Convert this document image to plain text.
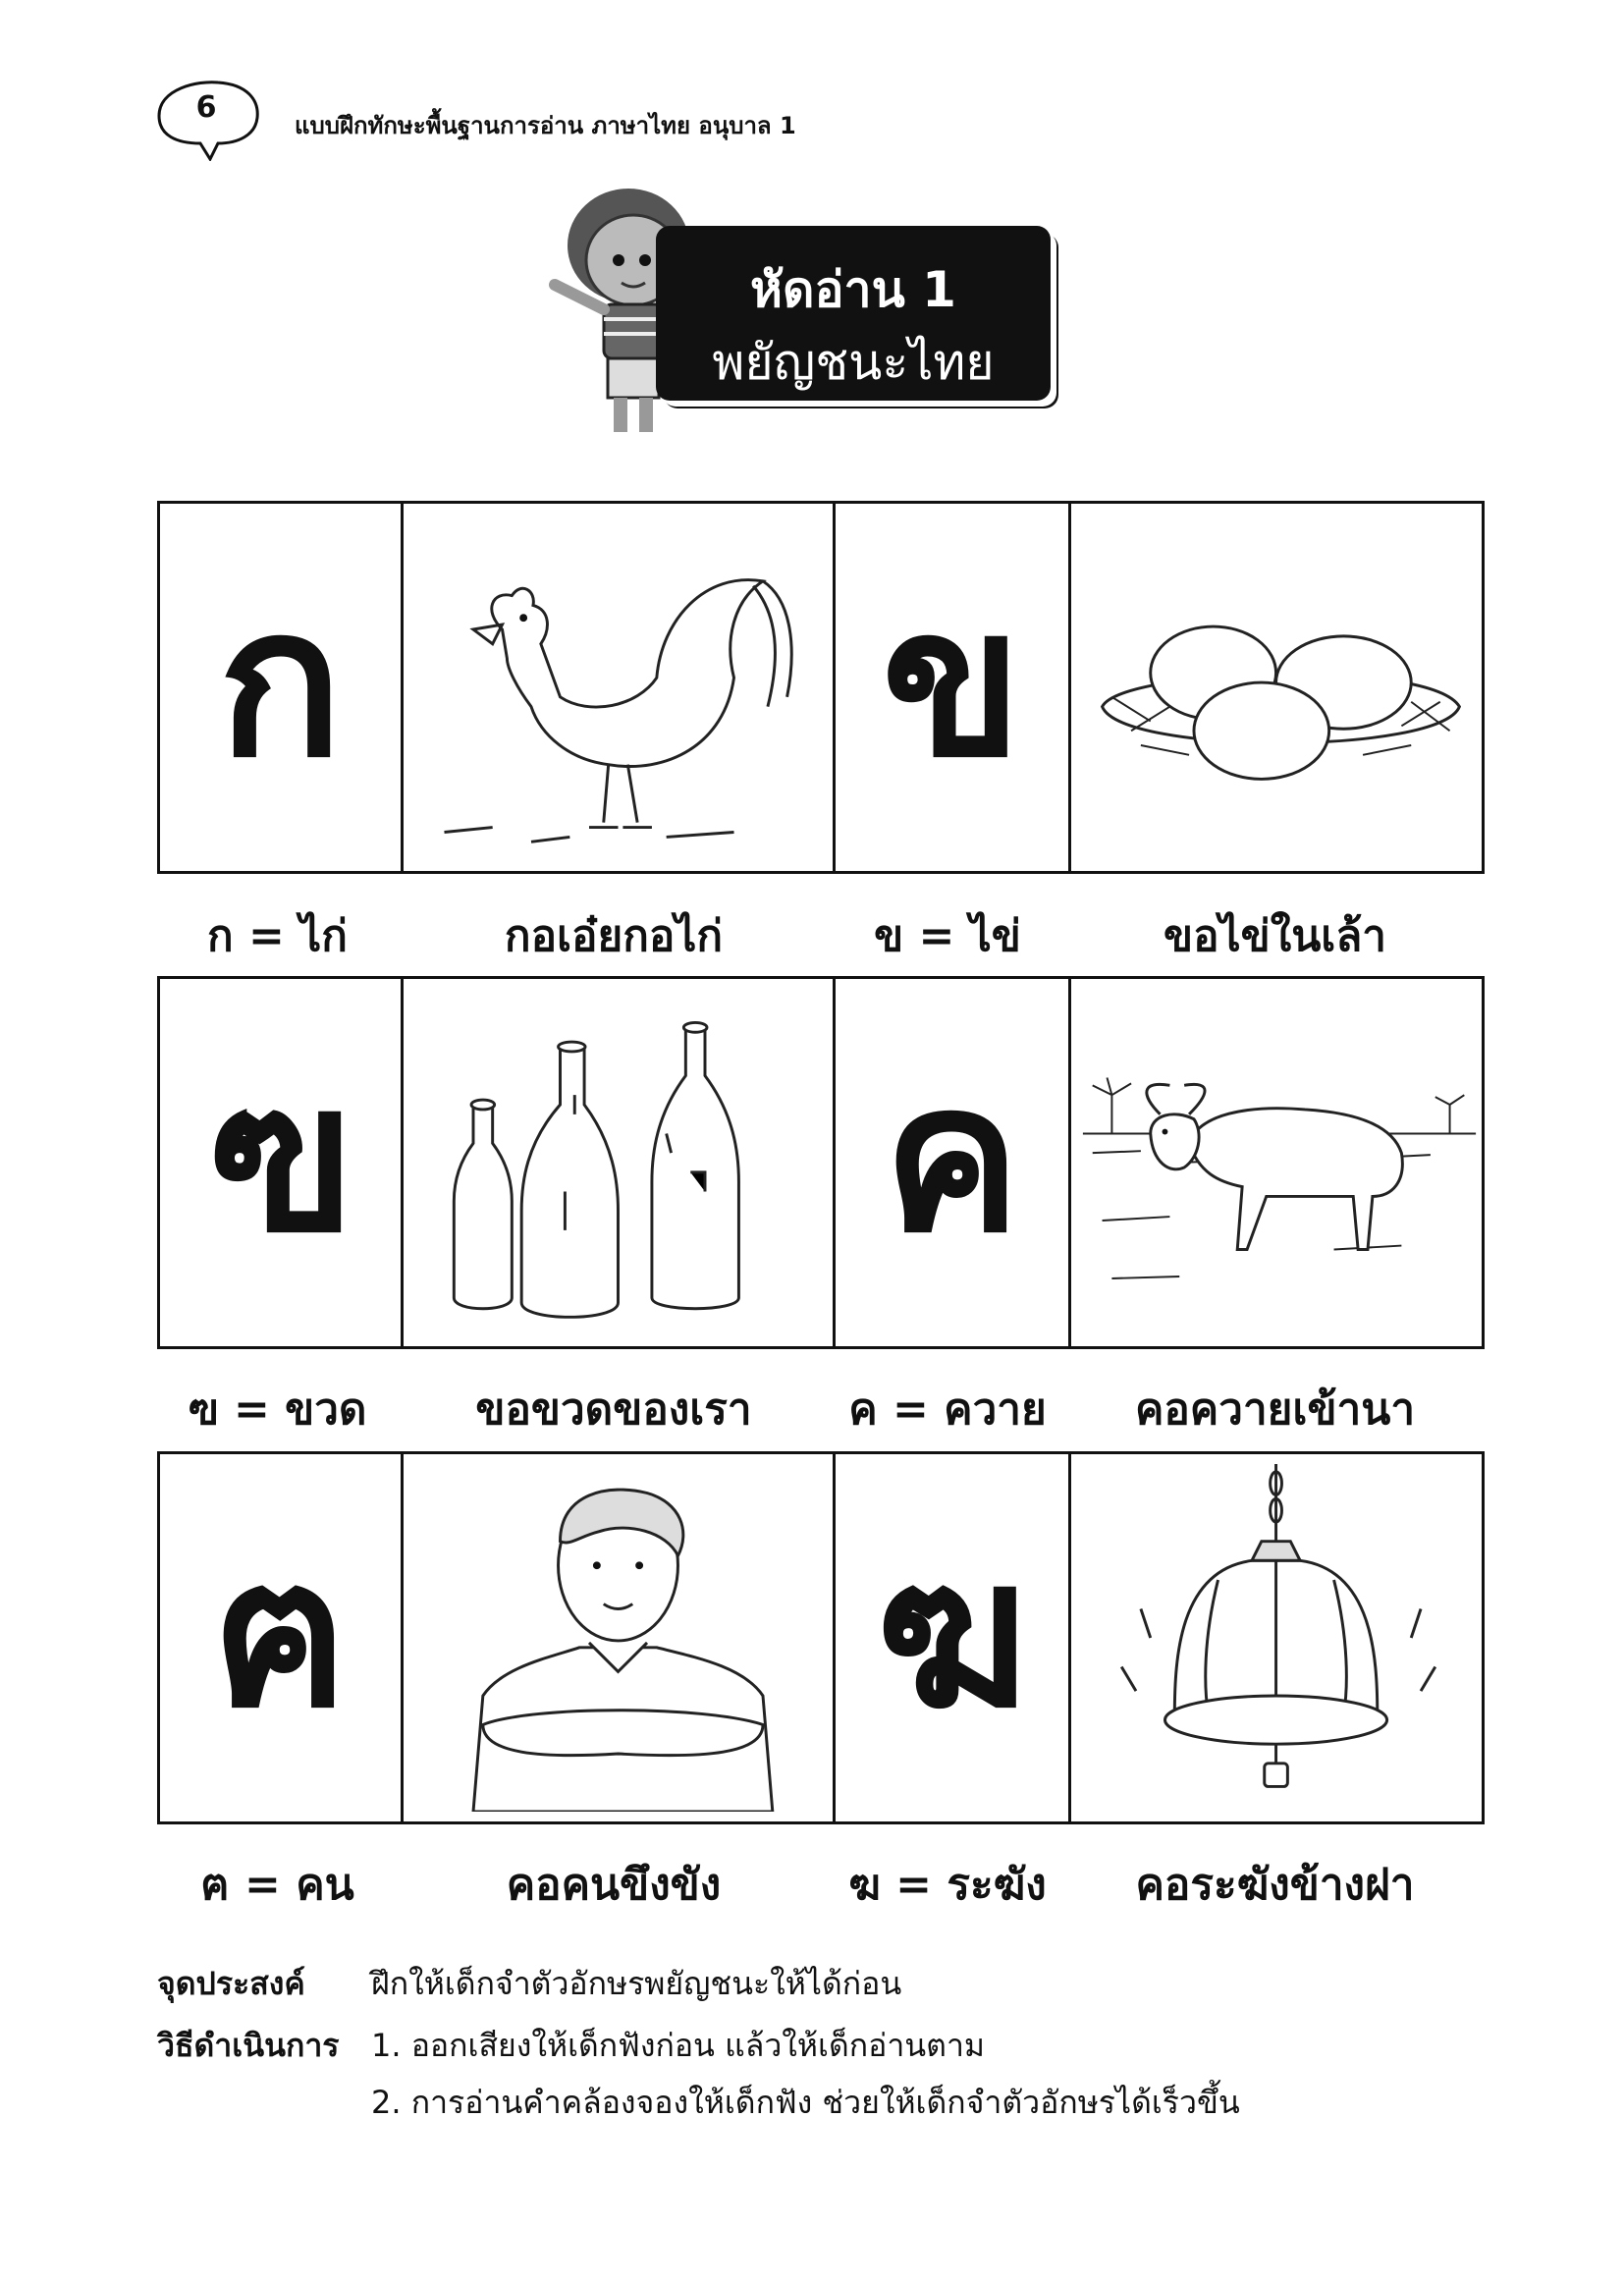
6
แบบฝึกทักษะพื้นฐานการอ่าน ภาษาไทย อนุบาล 1
หัดอ่าน 1
พยัญชนะไทย
ก	ข
ก = ไก่	กอเอ๋ยกอไก่	ข = ไข่	ขอไข่ในเล้า
ฃ	ค
ฃ = ขวด	ขอขวดของเรา	ค = ควาย	คอควายเข้านา
ฅ	ฆ
ฅ = คน	คอคนขึงขัง	ฆ = ระฆัง	คอระฆังข้างฝา
จุดประสงค์ ฝึกให้เด็กจำตัวอักษรพยัญชนะให้ได้ก่อน
วิธีดำเนินการ 1. ออกเสียงให้เด็กฟังก่อน แล้วให้เด็กอ่านตาม
2. การอ่านคำคล้องจองให้เด็กฟัง ช่วยให้เด็กจำตัวอักษรได้เร็วขึ้น
